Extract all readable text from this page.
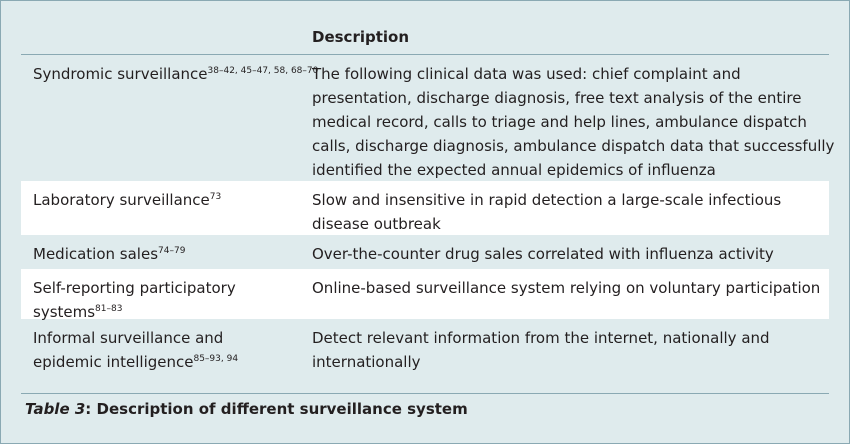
Description
Syndromic surveillance$^{38-42, 45-47, 58, 68-70}$
The following clinical data was used: chief complaint and
presentation, discharge diagnosis, free text analysis of the entire
medical record, calls to triage and help lines, ambulance dispatch
calls, discharge diagnosis, ambulance dispatch data that successfully
identified the expected annual epidemics of influenza
Laboratory surveillance$^{73}$	Slow and insensitive in rapid detection a large-scale infectious
disease outbreak
Medication sales$^{74-79}$	Over-the-counter drug sales correlated with influenza activity
Self-reporting participatory
systems$^{81-83}$
Online-based surveillance system relying on voluntary participation
Informal surveillance and
epidemic intelligence$^{85-93, 94}$
Detect relevant information from the internet, nationally and
internationally
Table 3: Description of different surveillance system
